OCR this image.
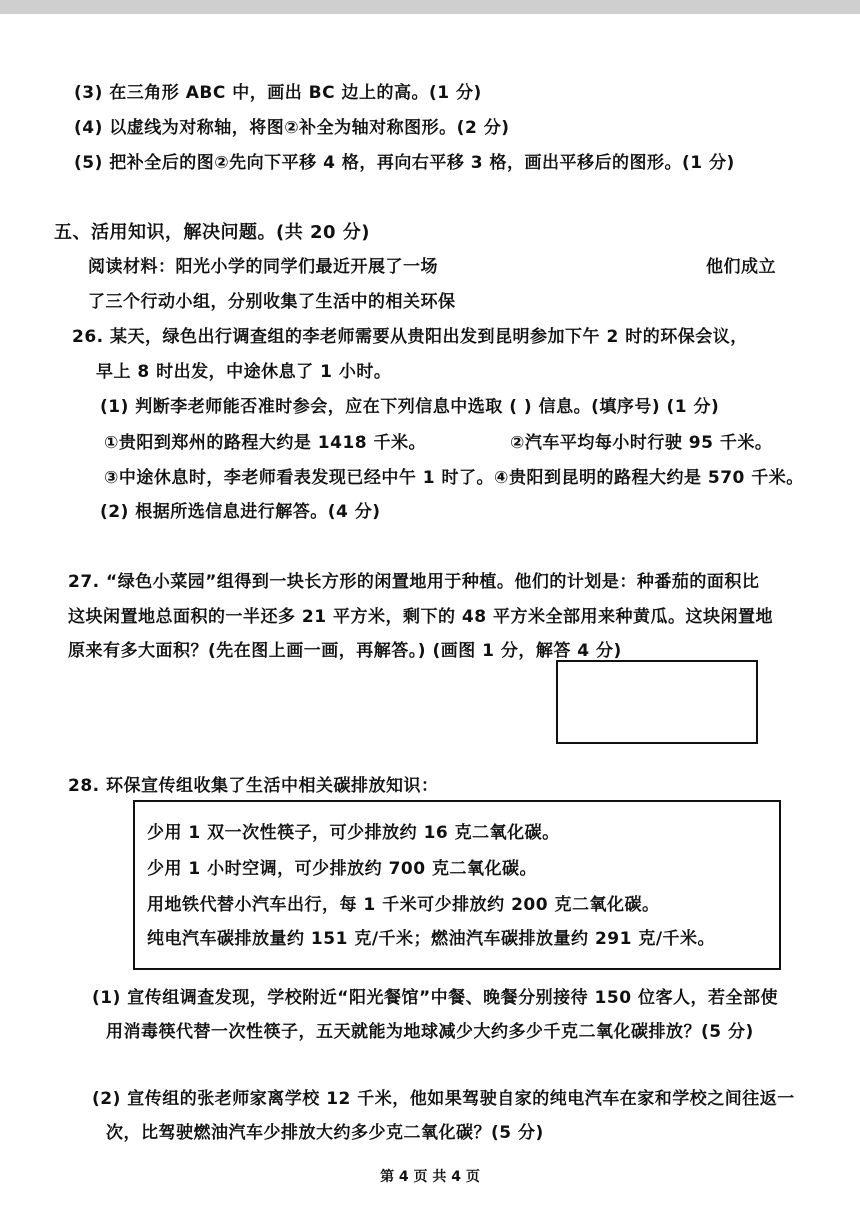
(3) 在三角形 ABC 中，画出 BC 边上的高。(1 分)
(4) 以虚线为对称轴，将图②补全为轴对称图形。(2 分)
(5) 把补全后的图②先向下平移 4 格，再向右平移 3 格，画出平移后的图形。(1 分)
五、活用知识，解决问题。(共 20 分)
阅读材料：阳光小学的同学们最近开展了一场	他们成立
了三个行动小组，分别收集了生活中的相关环保
26. 某天，绿色出行调查组的李老师需要从贵阳出发到昆明参加下午 2 时的环保会议，
早上 8 时出发，中途休息了 1 小时。
(1) 判断李老师能否准时参会，应在下列信息中选取 ( ) 信息。(填序号) (1 分)
①贵阳到郑州的路程大约是 1418 千米。	②汽车平均每小时行驶 95 千米。
③中途休息时，李老师看表发现已经中午 1 时了。④贵阳到昆明的路程大约是 570 千米。
(2) 根据所选信息进行解答。(4 分)
27. “绿色小菜园”组得到一块长方形的闲置地用于种植。他们的计划是：种番茄的面积比
这块闲置地总面积的一半还多 21 平方米，剩下的 48 平方米全部用来种黄瓜。这块闲置地
原来有多大面积？(先在图上画一画，再解答。) (画图 1 分，解答 4 分)
28. 环保宣传组收集了生活中相关碳排放知识：
少用 1 双一次性筷子，可少排放约 16 克二氧化碳。
少用 1 小时空调，可少排放约 700 克二氧化碳。
用地铁代替小汽车出行，每 1 千米可少排放约 200 克二氧化碳。
纯电汽车碳排放量约 151 克/千米；燃油汽车碳排放量约 291 克/千米。
(1) 宣传组调查发现，学校附近“阳光餐馆”中餐、晚餐分别接待 150 位客人，若全部使
用消毒筷代替一次性筷子，五天就能为地球减少大约多少千克二氧化碳排放？(5 分)
(2) 宣传组的张老师家离学校 12 千米，他如果驾驶自家的纯电汽车在家和学校之间往返一
次，比驾驶燃油汽车少排放大约多少克二氧化碳？(5 分)
第 4 页 共 4 页
